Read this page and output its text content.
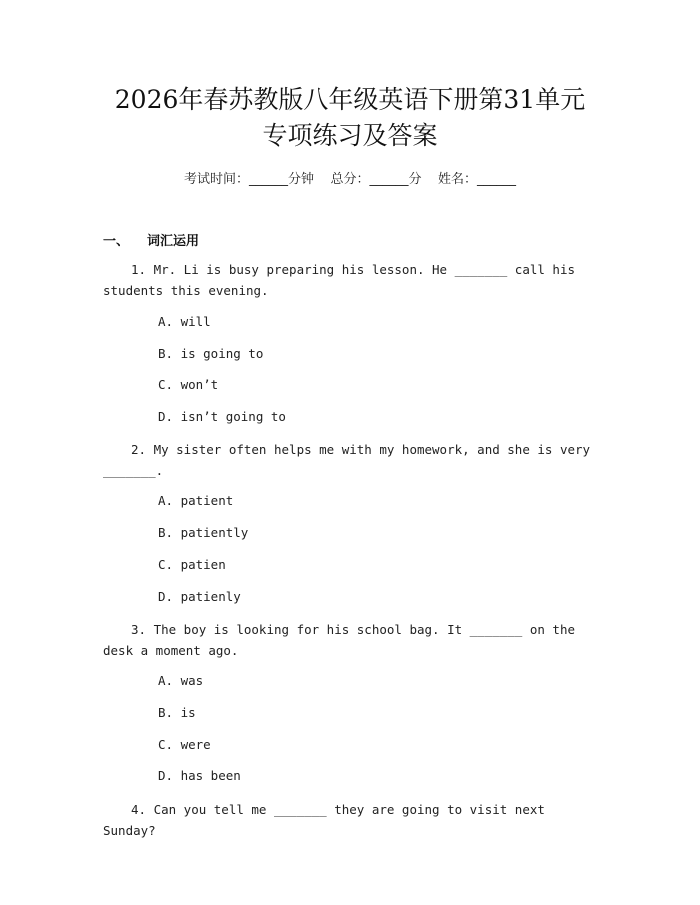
2026年春苏教版八年级英语下册第31单元
专项练习及答案
考试时间：______分钟    总分：______分    姓名：______
一、 词汇运用
1. Mr. Li is busy preparing his lesson. He _______ call his students this evening.
A. will
B. is going to
C. won’t
D. isn’t going to
2. My sister often helps me with my homework, and she is very _______.
A. patient
B. patiently
C. patien
D. patienly
3. The boy is looking for his school bag. It _______ on the desk a moment ago.
A. was
B. is
C. were
D. has been
4. Can you tell me _______ they are going to visit next Sunday?
